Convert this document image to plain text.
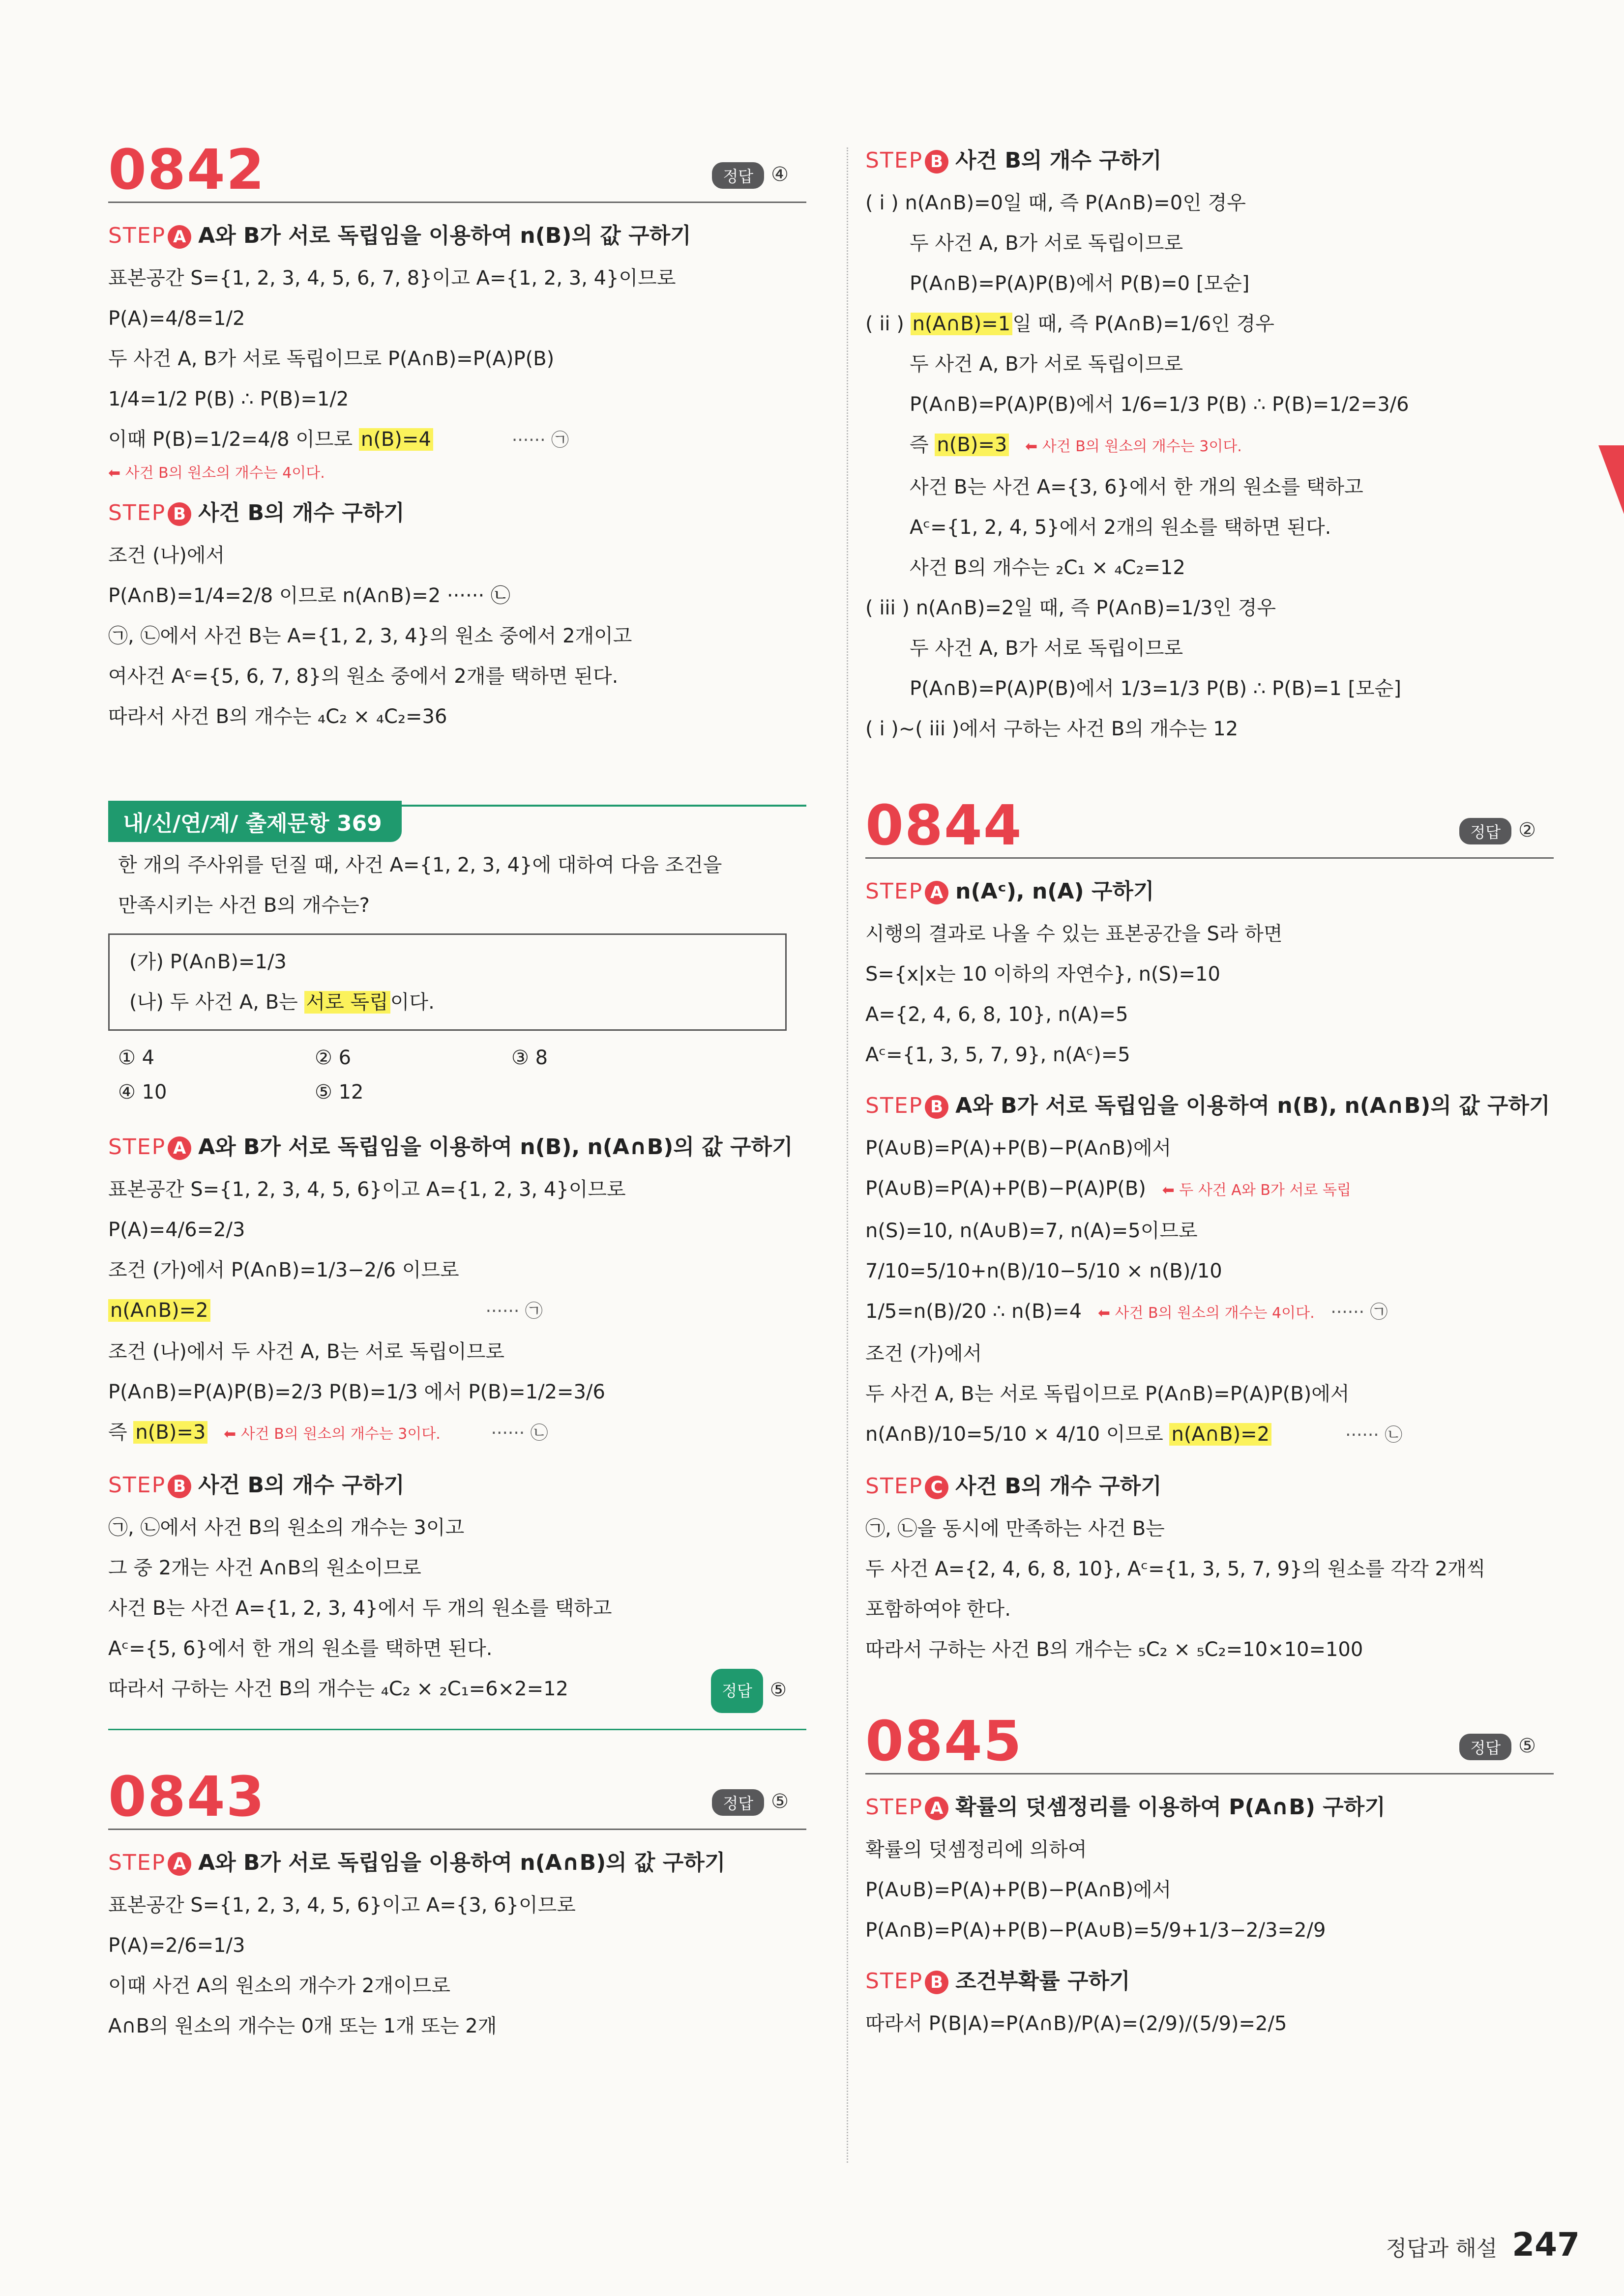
0842	정답 ④
STEP A A와 B가 서로 독립임을 이용하여 n(B)의 값 구하기
표본공간 S={1, 2, 3, 4, 5, 6, 7, 8}이고 A={1, 2, 3, 4}이므로
P(A)=4/8=1/2
두 사건 A, B가 서로 독립이므로 P(A∩B)=P(A)P(B)
1/4=1/2 P(B) ∴ P(B)=1/2
이때 P(B)=1/2=4/8 이므로 n(B)=4	······ ㉠
⬅ 사건 B의 원소의 개수는 4이다.
STEP B 사건 B의 개수 구하기
조건 (나)에서
P(A∩B)=1/4=2/8 이므로 n(A∩B)=2 ······ ㉡
㉠, ㉡에서 사건 B는 A={1, 2, 3, 4}의 원소 중에서 2개이고
여사건 Aᶜ={5, 6, 7, 8}의 원소 중에서 2개를 택하면 된다.
따라서 사건 B의 개수는 ₄C₂ × ₄C₂=36
내/신/연/계/ 출제문항 369
한 개의 주사위를 던질 때, 사건 A={1, 2, 3, 4}에 대하여 다음 조건을
만족시키는 사건 B의 개수는?
(가) P(A∩B)=1/3
(나) 두 사건 A, B는 서로 독립 이다.
① 4	② 6	③ 8
④ 10	⑤ 12
STEP A A와 B가 서로 독립임을 이용하여 n(B), n(A∩B)의 값 구하기
표본공간 S={1, 2, 3, 4, 5, 6}이고 A={1, 2, 3, 4}이므로
P(A)=4/6=2/3
조건 (가)에서 P(A∩B)=1/3−2/6 이므로
n(A∩B)=2	······ ㉠
조건 (나)에서 두 사건 A, B는 서로 독립이므로
P(A∩B)=P(A)P(B)=2/3 P(B)=1/3 에서 P(B)=1/2=3/6
즉 n(B)=3 ⬅ 사건 B의 원소의 개수는 3이다.	······ ㉡
STEP B 사건 B의 개수 구하기
㉠, ㉡에서 사건 B의 원소의 개수는 3이고
그 중 2개는 사건 A∩B의 원소이므로
사건 B는 사건 A={1, 2, 3, 4}에서 두 개의 원소를 택하고
Aᶜ={5, 6}에서 한 개의 원소를 택하면 된다.
따라서 구하는 사건 B의 개수는 ₄C₂ × ₂C₁=6×2=12	정답 ⑤
0843	정답 ⑤
STEP A A와 B가 서로 독립임을 이용하여 n(A∩B)의 값 구하기
표본공간 S={1, 2, 3, 4, 5, 6}이고 A={3, 6}이므로
P(A)=2/6=1/3
이때 사건 A의 원소의 개수가 2개이므로
A∩B의 원소의 개수는 0개 또는 1개 또는 2개
STEP B 사건 B의 개수 구하기
( i ) n(A∩B)=0일 때, 즉 P(A∩B)=0인 경우
두 사건 A, B가 서로 독립이므로
P(A∩B)=P(A)P(B)에서 P(B)=0 [모순]
( ii ) n(A∩B)=1 일 때, 즉 P(A∩B)=1/6인 경우
두 사건 A, B가 서로 독립이므로
P(A∩B)=P(A)P(B)에서 1/6=1/3 P(B) ∴ P(B)=1/2=3/6
즉 n(B)=3 ⬅ 사건 B의 원소의 개수는 3이다.
사건 B는 사건 A={3, 6}에서 한 개의 원소를 택하고
Aᶜ={1, 2, 4, 5}에서 2개의 원소를 택하면 된다.
사건 B의 개수는 ₂C₁ × ₄C₂=12
( iii ) n(A∩B)=2일 때, 즉 P(A∩B)=1/3인 경우
두 사건 A, B가 서로 독립이므로
P(A∩B)=P(A)P(B)에서 1/3=1/3 P(B) ∴ P(B)=1 [모순]
( i )~( iii )에서 구하는 사건 B의 개수는 12
0844	정답 ②
STEP A n(Aᶜ), n(A) 구하기
시행의 결과로 나올 수 있는 표본공간을 S라 하면
S={x|x는 10 이하의 자연수}, n(S)=10
A={2, 4, 6, 8, 10}, n(A)=5
Aᶜ={1, 3, 5, 7, 9}, n(Aᶜ)=5
STEP B A와 B가 서로 독립임을 이용하여 n(B), n(A∩B)의 값 구하기
P(A∪B)=P(A)+P(B)−P(A∩B)에서
P(A∪B)=P(A)+P(B)−P(A)P(B) ⬅ 두 사건 A와 B가 서로 독립
n(S)=10, n(A∪B)=7, n(A)=5이므로
7/10=5/10+n(B)/10−5/10 × n(B)/10
1/5=n(B)/20 ∴ n(B)=4 ⬅ 사건 B의 원소의 개수는 4이다. ······ ㉠
조건 (가)에서
두 사건 A, B는 서로 독립이므로 P(A∩B)=P(A)P(B)에서
n(A∩B)/10=5/10 × 4/10 이므로 n(A∩B)=2	······ ㉡
STEP C 사건 B의 개수 구하기
㉠, ㉡을 동시에 만족하는 사건 B는
두 사건 A={2, 4, 6, 8, 10}, Aᶜ={1, 3, 5, 7, 9}의 원소를 각각 2개씩
포함하여야 한다.
따라서 구하는 사건 B의 개수는 ₅C₂ × ₅C₂=10×10=100
0845	정답 ⑤
STEP A 확률의 덧셈정리를 이용하여 P(A∩B) 구하기
확률의 덧셈정리에 의하여
P(A∪B)=P(A)+P(B)−P(A∩B)에서
P(A∩B)=P(A)+P(B)−P(A∪B)=5/9+1/3−2/3=2/9
STEP B 조건부확률 구하기
따라서 P(B|A)=P(A∩B)/P(A)=(2/9)/(5/9)=2/5
정답과 해설 247
